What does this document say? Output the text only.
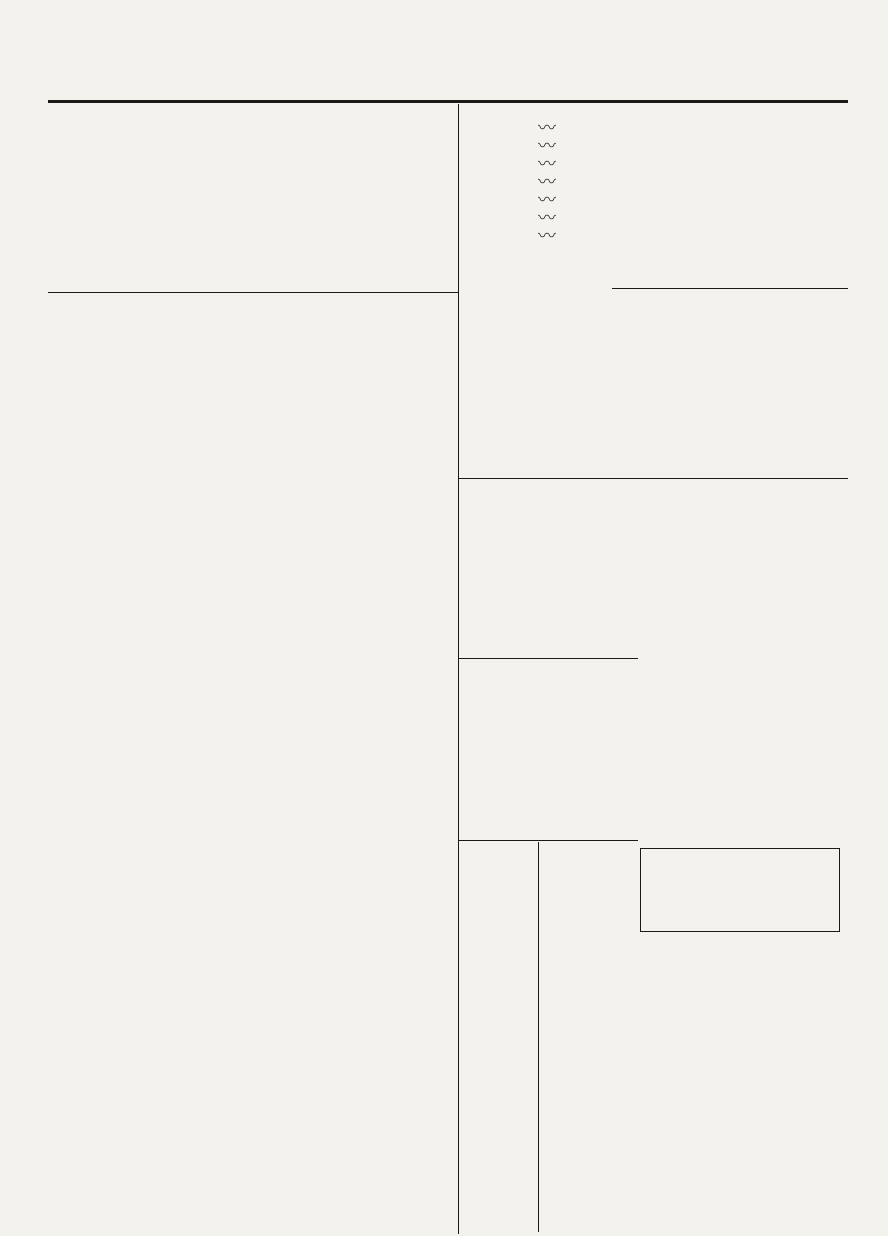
〰〰〰〰〰〰〰
